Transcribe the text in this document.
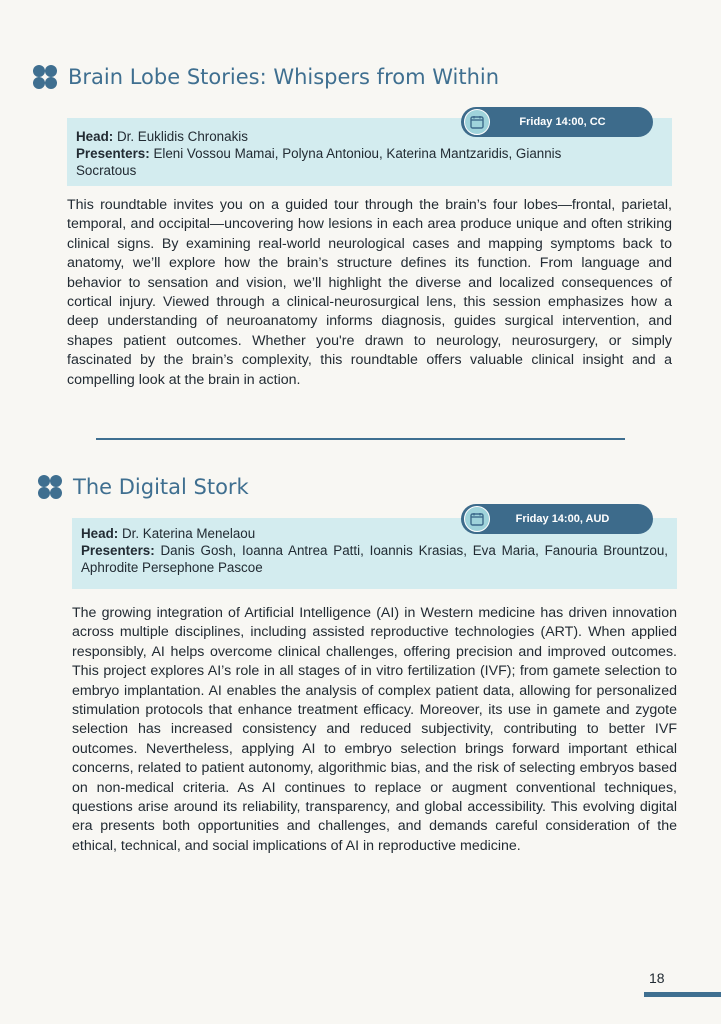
Brain Lobe Stories: Whispers from Within

Head: Dr. Euklidis Chronakis

Presenters: Eleni Vossou Mamai, Polyna Antoniou, Katerina Mantzaridis, Giannis Socratous

Friday 14:00, CC

This roundtable invites you on a guided tour through the brain’s four lobes—frontal, parietal, temporal, and occipital—uncovering how lesions in each area produce unique and often striking clinical signs. By examining real-world neurological cases and mapping symptoms back to anatomy, we’ll explore how the brain’s structure defines its function. From language and behavior to sensation and vision, we’ll highlight the diverse and localized consequences of cortical injury. Viewed through a clinical-neurosurgical lens, this session emphasizes how a deep understanding of neuroanatomy informs diagnosis, guides surgical intervention, and shapes patient outcomes. Whether you're drawn to neurology, neurosurgery, or simply fascinated by the brain’s complexity, this roundtable offers valuable clinical insight and a compelling look at the brain in action.

The Digital Stork

Head: Dr. Katerina Menelaou

Presenters: Danis Gosh, Ioanna Antrea Patti, Ioannis Krasias, Eva Maria, Fanouria Brountzou, Aphrodite Persephone Pascoe

Friday 14:00, AUD

The growing integration of Artificial Intelligence (AI) in Western medicine has driven innovation across multiple disciplines, including assisted reproductive technologies (ART). When applied responsibly, AI helps overcome clinical challenges, offering precision and improved outcomes. This project explores AI’s role in all stages of in vitro fertilization (IVF); from gamete selection to embryo implantation. AI enables the analysis of complex patient data, allowing for personalized stimulation protocols that enhance treatment efficacy. Moreover, its use in gamete and zygote selection has increased consistency and reduced subjectivity, contributing to better IVF outcomes. Nevertheless, applying AI to embryo selection brings forward important ethical concerns, related to patient autonomy, algorithmic bias, and the risk of selecting embryos based on non-medical criteria. As AI continues to replace or augment conventional techniques, questions arise around its reliability, transparency, and global accessibility. This evolving digital era presents both opportunities and challenges, and demands careful consideration of the ethical, technical, and social implications of AI in reproductive medicine.

18
